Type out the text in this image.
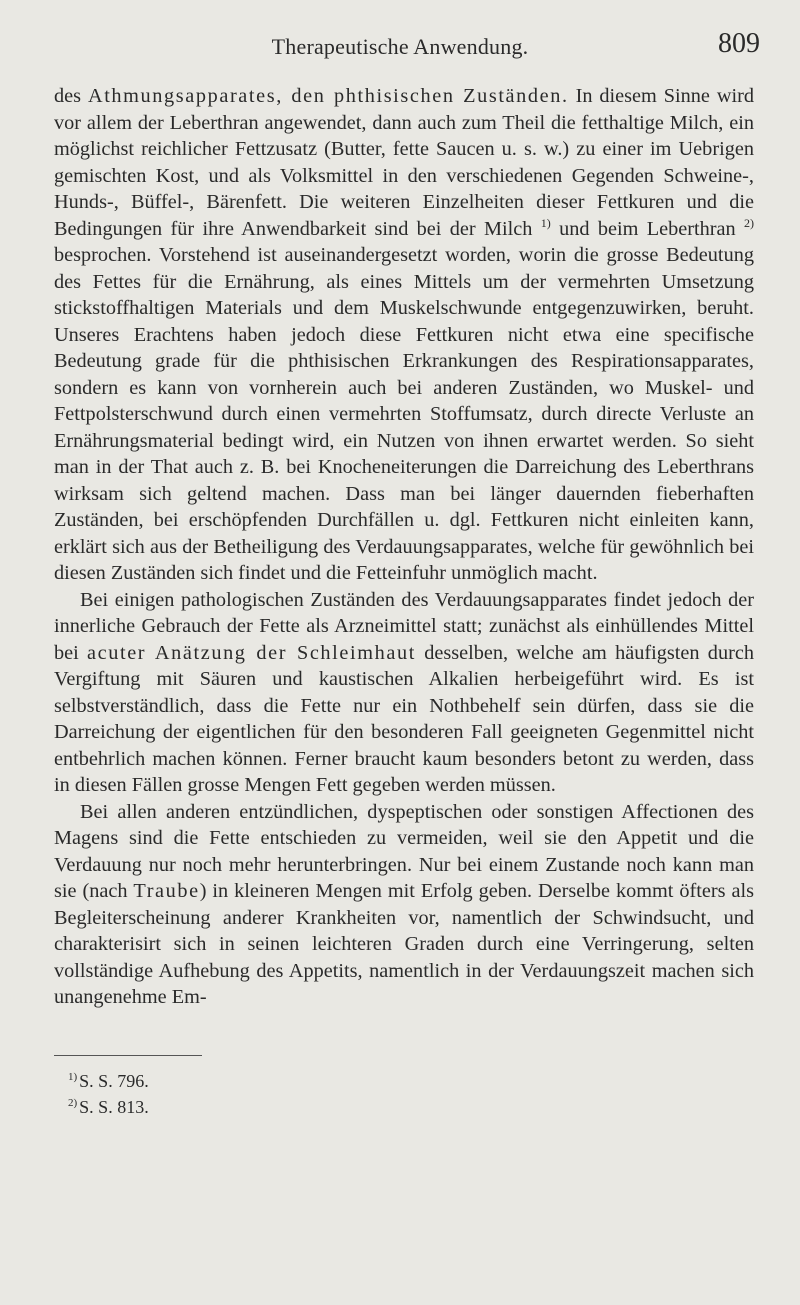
Therapeutische Anwendung.	809

des Athmungsapparates, den phthisischen Zuständen. In diesem Sinne wird vor allem der Leberthran angewendet, dann auch zum Theil die fetthaltige Milch, ein möglichst reichlicher Fettzusatz (Butter, fette Saucen u. s. w.) zu einer im Uebrigen gemischten Kost, und als Volksmittel in den verschiedenen Gegenden Schweine-, Hunds-, Büffel-, Bärenfett. Die weiteren Einzelheiten dieser Fettkuren und die Bedingungen für ihre Anwendbarkeit sind bei der Milch $^{1)}$ und beim Leberthran $^{2)}$ besprochen. Vorstehend ist auseinandergesetzt worden, worin die grosse Bedeutung des Fettes für die Ernährung, als eines Mittels um der vermehrten Umsetzung stickstoffhaltigen Materials und dem Muskelschwunde entgegenzuwirken, beruht. Unseres Erachtens haben jedoch diese Fettkuren nicht etwa eine specifische Bedeutung grade für die phthisischen Erkrankungen des Respirationsapparates, sondern es kann von vornherein auch bei anderen Zuständen, wo Muskel- und Fettpolsterschwund durch einen vermehrten Stoffumsatz, durch directe Verluste an Ernährungsmaterial bedingt wird, ein Nutzen von ihnen erwartet werden. So sieht man in der That auch z. B. bei Knocheneiterungen die Darreichung des Leberthrans wirksam sich geltend machen. Dass man bei länger dauernden fieberhaften Zuständen, bei erschöpfenden Durchfällen u. dgl. Fettkuren nicht einleiten kann, erklärt sich aus der Betheiligung des Verdauungsapparates, welche für gewöhnlich bei diesen Zuständen sich findet und die Fetteinfuhr unmöglich macht.

Bei einigen pathologischen Zuständen des Verdauungsapparates findet jedoch der innerliche Gebrauch der Fette als Arzneimittel statt; zunächst als einhüllendes Mittel bei acuter Anätzung der Schleimhaut desselben, welche am häufigsten durch Vergiftung mit Säuren und kaustischen Alkalien herbeigeführt wird. Es ist selbstverständlich, dass die Fette nur ein Nothbehelf sein dürfen, dass sie die Darreichung der eigentlichen für den besonderen Fall geeigneten Gegenmittel nicht entbehrlich machen können. Ferner braucht kaum besonders betont zu werden, dass in diesen Fällen grosse Mengen Fett gegeben werden müssen.

Bei allen anderen entzündlichen, dyspeptischen oder sonstigen Affectionen des Magens sind die Fette entschieden zu vermeiden, weil sie den Appetit und die Verdauung nur noch mehr herunterbringen. Nur bei einem Zustande noch kann man sie (nach Traube) in kleineren Mengen mit Erfolg geben. Derselbe kommt öfters als Begleiterscheinung anderer Krankheiten vor, namentlich der Schwindsucht, und charakterisirt sich in seinen leichteren Graden durch eine Verringerung, selten vollständige Aufhebung des Appetits, namentlich in der Verdauungszeit machen sich unangenehme Em-

$^{1)}$ S. S. 796.
$^{2)}$ S. S. 813.
